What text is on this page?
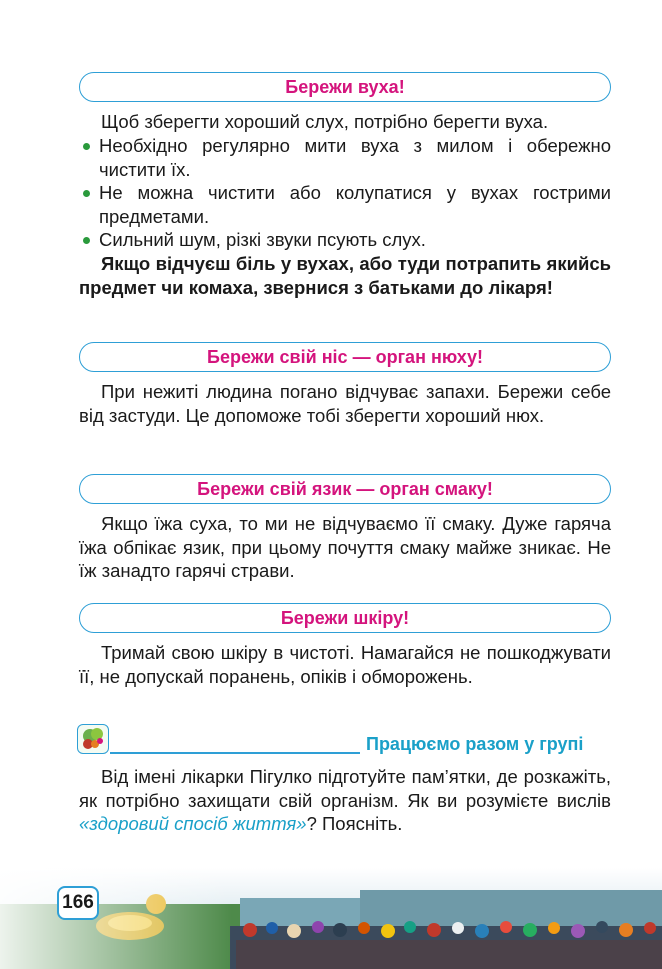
Бережи вуха!
Щоб зберегти хороший слух, потрібно берегти вуха.
Необхідно регулярно мити вуха з милом і обережно чистити їх.
Не можна чистити або колупатися у вухах гострими предметами.
Сильний шум, різкі звуки псують слух.
Якщо відчуєш біль у вухах, або туди потрапить якийсь предмет чи комаха, звернися з батьками до лікаря!
Бережи свій ніс — орган нюху!
При нежиті людина погано відчуває запахи. Бережи себе від застуди. Це допоможе тобі зберегти хороший нюх.
Бережи свій язик — орган смаку!
Якщо їжа суха, то ми не відчуваємо її смаку. Дуже гаряча їжа обпікає язик, при цьому почуття смаку майже зникає. Не їж занадто гарячі страви.
Бережи шкіру!
Тримай свою шкіру в чистоті. Намагайся не пошкоджувати її, не допускай поранень, опіків і обморожень.
Працюємо разом у групі
Від імені лікарки Пігулко підготуйте пам’ятки, де розкажіть, як потрібно захищати свій організм. Як ви розумієте вислів «здоровий спосіб життя»? Поясніть.
166
